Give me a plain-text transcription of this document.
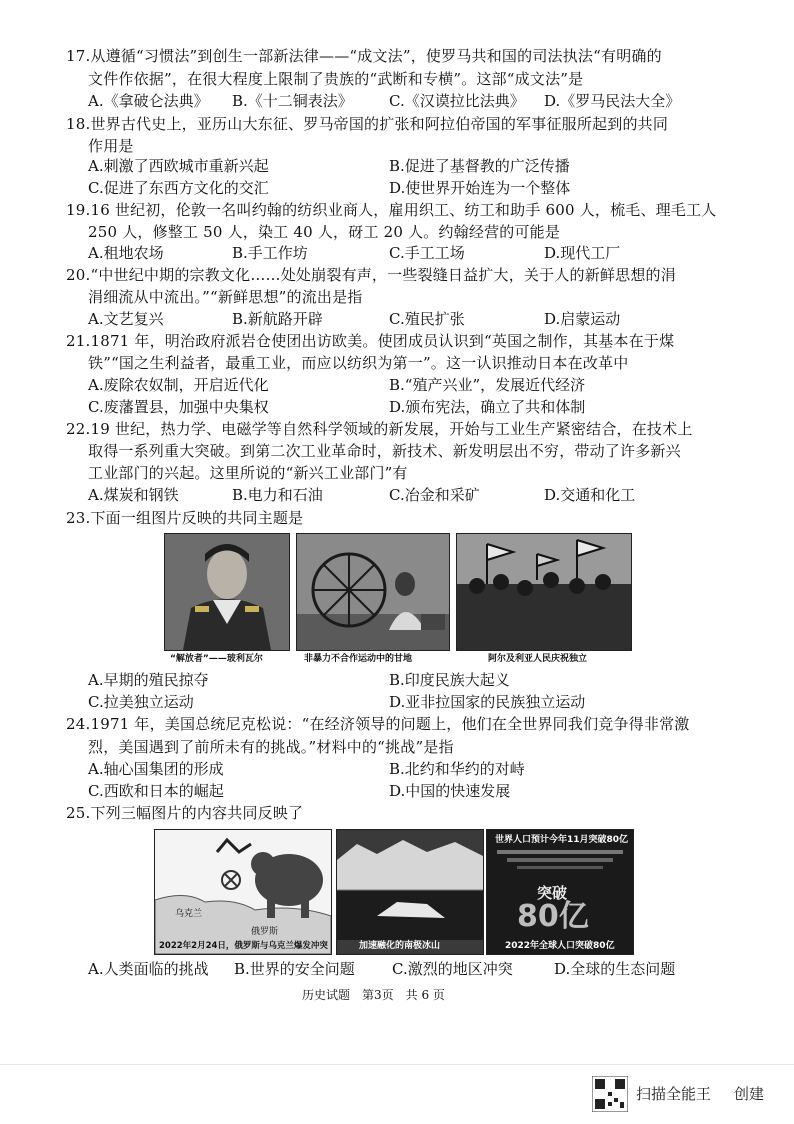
17.从遵循“习惯法”到创生一部新法律——“成文法”，使罗马共和国的司法执法“有明确的
文件作依据”，在很大程度上限制了贵族的“武断和专横”。这部“成文法”是
A.《拿破仑法典》 B.《十二铜表法》 C.《汉谟拉比法典》 D.《罗马民法大全》
18.世界古代史上，亚历山大东征、罗马帝国的扩张和阿拉伯帝国的军事征服所起到的共同
作用是
A.刺激了西欧城市重新兴起	B.促进了基督教的广泛传播
C.促进了东西方文化的交汇	D.使世界开始连为一个整体
19.16 世纪初，伦敦一名叫约翰的纺织业商人，雇用织工、纺工和助手 600 人，梳毛、理毛工人
250 人，修整工 50 人，染工 40 人，砑工 20 人。约翰经营的可能是
A.租地农场	B.手工作坊	C.手工工场	D.现代工厂
20.“中世纪中期的宗教文化……处处崩裂有声，一些裂缝日益扩大，关于人的新鲜思想的涓
涓细流从中流出。”“新鲜思想”的流出是指
A.文艺复兴	B.新航路开辟	C.殖民扩张	D.启蒙运动
21.1871 年，明治政府派岩仓使团出访欧美。使团成员认识到“英国之制作，其基本在于煤
铁”“国之生利益者，最重工业，而应以纺织为第一”。这一认识推动日本在改革中
A.废除农奴制，开启近代化	B.“殖产兴业”，发展近代经济
C.废藩置县，加强中央集权	D.颁布宪法，确立了共和体制
22.19 世纪，热力学、电磁学等自然科学领域的新发展，开始与工业生产紧密结合，在技术上
取得一系列重大突破。到第二次工业革命时，新技术、新发明层出不穷，带动了许多新兴
工业部门的兴起。这里所说的“新兴工业部门”有
A.煤炭和钢铁	B.电力和石油	C.冶金和采矿	D.交通和化工
23.下面一组图片反映的共同主题是
“解放者”——玻利瓦尔	非暴力不合作运动中的甘地	阿尔及利亚人民庆祝独立
A.早期的殖民掠夺	B.印度民族大起义
C.拉美独立运动	D.亚非拉国家的民族独立运动
24.1971 年，美国总统尼克松说：“在经济领导的问题上，他们在全世界同我们竞争得非常激
烈，美国遇到了前所未有的挑战。”材料中的“挑战”是指
A.轴心国集团的形成	B.北约和华约的对峙
C.西欧和日本的崛起	D.中国的快速发展
25.下列三幅图片的内容共同反映了
乌克兰
俄罗斯
2022年2月24日，俄罗斯与乌克兰爆发冲突	加速融化的南极冰山
世界人口预计今年11月突破80亿
突破
80亿
2022年全球人口突破80亿
A.人类面临的挑战 B.世界的安全问题 C.激烈的地区冲突	D.全球的生态问题
历史试题　第3页　共 6 页
扫描全能王 创建
